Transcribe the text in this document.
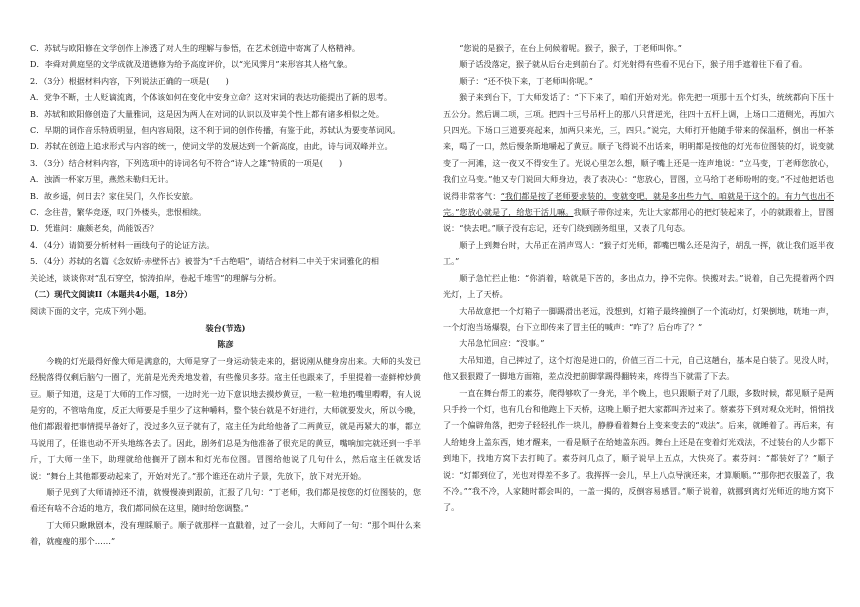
C．苏轼与欧阳修在文学创作上渗透了对人生的理解与参悟，在艺术创造中寄寓了人格精神。

D．李舜对黄庭坚的文学成就及道德修为给予高度评价，以“光风霁月”来形容其人格气象。

2．（3分）根据材料内容，下列说法正确的一项是(　　)

A．党争不断，士人贬谪流离，个体该如何在变化中安身立命？这对宋词的表达功能提出了新的思考。

B．苏轼和欧阳修创造了大量雅词，这是因为两人在对词的认识以及审美个性上都有诸多相似之处。

C．早期的词作音乐特质明显，但内容局限，这不利于词的创作传播，有鉴于此，苏轼认为要变革词风。

D．苏轼在创造上追求形式与内容的统一，使词文学的发展达到一个新高度，由此，诗与词双峰并立。

3．（3分）结合材料内容，下列选项中的诗词名句不符合“诗人之雄”特质的一项是(　　)

A．浊酒一杯家万里，燕然未勒归无计。

B．故乡遥，何日去？家住吴门，久作长安旅。

C．念往昔，繁华竞逐，叹门外楼头，悲恨相续。

D．凭谁问：廉颇老矣，尚能饭否？

4．（4分）请简要分析材料一画线句子的论证方法。

5．（4分）苏轼的名篇《念奴娇·赤壁怀古》被誉为“千古绝唱”，请结合材料二中关于宋词雅化的相

关论述，谈谈你对“乱石穿空，惊涛拍岸，卷起千堆雪”的理解与分析。

（二）现代文阅读II（本题共4小题，18分）

阅读下面的文字，完成下列小题。

装台(节选)

陈彦

今晚的灯光最得好像大师是满意的，大师是穿了一身运动装走来的，据说刚从健身房出来。大师的头发已经脱落得仅剩后脑勺一圈了，光前是光秃秃地发着，有些像贝多芬。寇主任也跟来了，手里提着一壶鲜榨炒黄豆。顺子知道，这是丁大师的工作习惯，一边时光一边下意识地去摸炒黄豆，一粒一粒地扔嘴里嘚嘚，有人说是穷的，不管啥角度，反正大师要是手里少了这种嚼料，整个装台就是不好进行，大师就要发火，所以今晚，他们都跟着把事情提早备好了，没过多久豆子就有了，寇主任为此给他备了二两黄豆，就是再紧大的事，都立马说用了，任谁也动不开头地练各去了。因此，剧务们总是为他准备了很充足的黄豆，嘴响加完就还到一手半斤，丁大师一坐下，助理就给他搁开了剧本和灯光布位图。冒图给他说了几句什么，然后寇主任就发话说：“舞台上其他都要动起来了，开始对光了。”那个谁还在动片子景，先放下，放下对光开始。

顺子见到了大师请掉还不清，就慢慢凑到跟前，汇报了几句：“丁老师，我们都是按您的灯位图装的，您看还有啥不合适的地方，我们都同候在这里，随时给您调整。”

丁大师只瞅瞅剧本，没有理睬顺子。顺子就那样一直戳着，过了一会儿，大师问了一句：“那个叫什么来着，就瘦瘦的那个……”

“您说的是猴子，在台上伺候着呢。猴子，猴子，丁老师叫你。”

顺子话没落定，猴子就从后台走到前台了。灯光射得有些看不见台下，猴子用手遮着往下看了看。

顺子：“还不快下来，丁老师叫你呢。”

猴子来到台下，丁大师发话了：“下下来了，咱们开始对光。你先把一项那十五个灯头，统统都向下压十五公分。然后调二项，三项。把四十三号吊杆上的那八只背逆光，往四十五杆上调，上场口二道侧光，再加六只四光。下场口三道要亮起来，加两只来光，三，四只。”说完，大师打开他随手带来的保温杯，倒出一杯茶来，喝了一口，然后慢条斯地嚼起了黄豆。顺子飞得说不出话来，明明都是按他的灯光布位图装的灯，说变就变了一河滩，这一夜又不得安生了。光说心里怎么想，顺子嘴上还是一连声地说：“立马变，丁老师您放心，我们立马变。”他又专门说回大师身边，表了表决心：“您放心，冒图，立马给丁老师吩咐的变。”不过他把话也说得非常客气：“我们都是按了老师要求装的，变就变吧，就是多出些力气，咱就是干这个的。有力气也出不完。”您放心就是了，给您干活儿嘛。我顺子带你过来，先让大家都用心的把灯装起来了，小的就跟着上，冒图说：“快去吧。”顺子没有忘记，还专门绕到剧务组里，又表了几句态。

顺子上到舞台时，大吊正在消声骂人：“猴子灯光师，都嘴巴嘴么还是沟子，胡乱一挥，就让我们返半夜工。”

顺子急忙拦止他：“你消着，啥就是下苦的，多出点力，挣不完你。快搬对去。”说着，自己先提着两个四光灯，上了天桥。

大吊故意把一个灯箱子一脚踢滑出老远，没想到，灯箱子最终撞倒了一个流动灯，灯架倒地，咣地一声，一个灯泡当场爆裂，台下立即传来了冒主任的喊声：“咋了？后台咋了？”

大吊急忙回应：“没事。”

大吊知道，自己摔过了，这个灯泡是进口的，价值三百二十元，自己这趟台，基本是白装了。见没人时，他又狠狠蹬了一脚地方面箱，差点没把前脚掌踢得翻转来，疼得当下就需了下去。

一直在舞台帮工的素芬，爬得够吹了一身光，半个晚上，也只跟顺子对了几眼，多数时候，都见顺子是两只手拎一个灯，也有几台和他跑上下天桥，这晚上顺子把大家都叫齐过来了。蔡素芬下到对观众光时，悄悄找了一个偏辟角落，把旁子轻轻扎作一块儿，静静看着舞台上变来变去的“戏法”。后来，就睡着了。再后来，有人给她身上盖东西，她才醒来，一看是顺子在给她盖东西。舞台上还是在变着灯光戏法，不过装台的人少都下到地下，找地方窝下去打盹了。素芬问几点了，顺子说早上五点，大快亮了。素芬问：“都装好了？”顺子说：“灯都到位了，光也对得差不多了。我挥挥一会儿，早上八点导演还来，才算顺顺。”“那你把衣服盖了，我不冷。”“我不冷，人家随时都会叫的，一盖一揭的，反倒容易感冒。”顺子说着，就挪到离灯光师近的地方窝下了。
